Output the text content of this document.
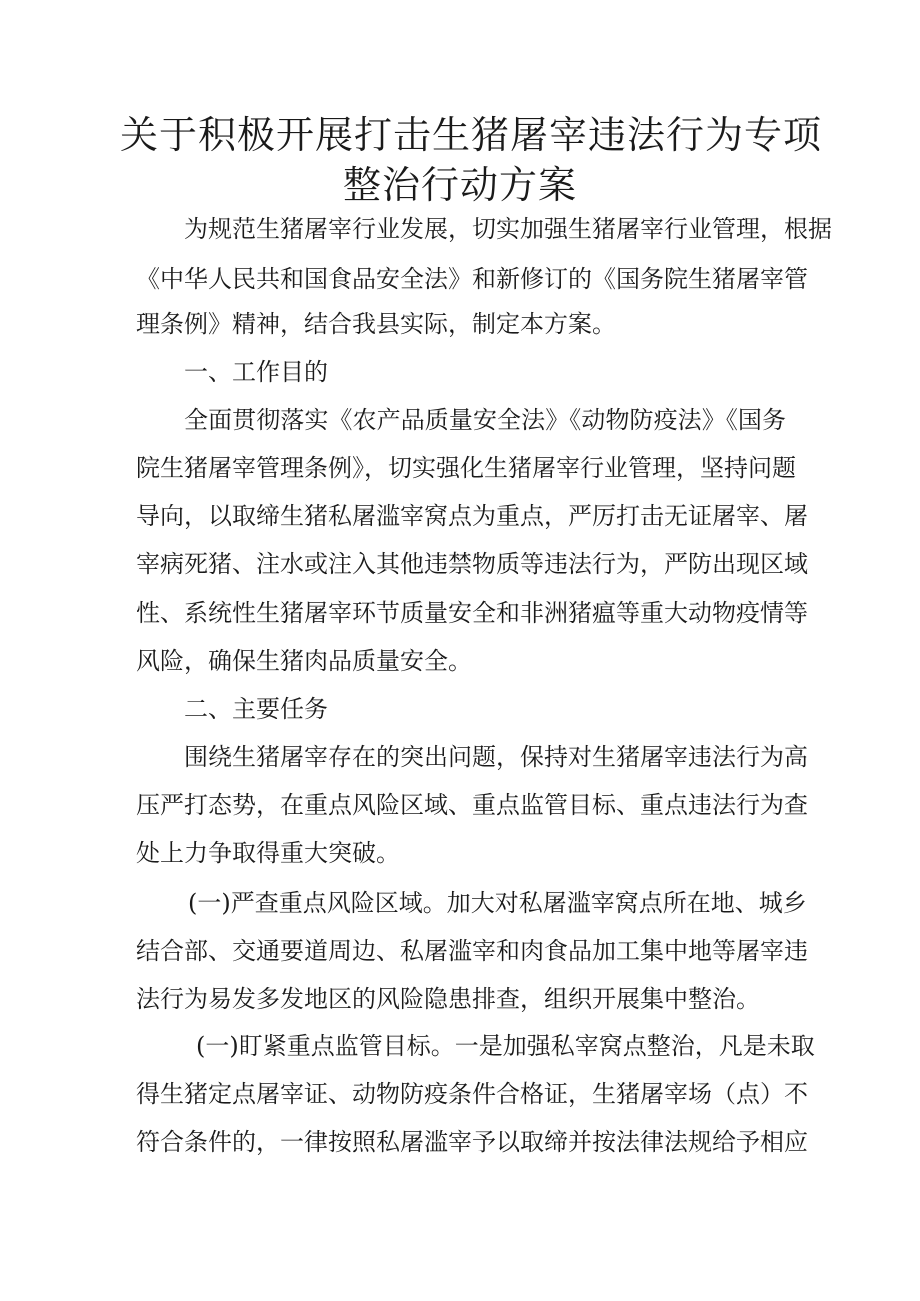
关于积极开展打击生猪屠宰违法行为专项
整治行动方案
为规范生猪屠宰行业发展，切实加强生猪屠宰行业管理，根据
《中华人民共和国食品安全法》和新修订的《国务院生猪屠宰管
理条例》精神，结合我县实际，制定本方案。
一、工作目的
全面贯彻落实《农产品质量安全法》《动物防疫法》《国务
院生猪屠宰管理条例》，切实强化生猪屠宰行业管理，坚持问题
导向，以取缔生猪私屠滥宰窝点为重点，严厉打击无证屠宰、屠
宰病死猪、注水或注入其他违禁物质等违法行为，严防出现区域
性、系统性生猪屠宰环节质量安全和非洲猪瘟等重大动物疫情等
风险，确保生猪肉品质量安全。
二、主要任务
围绕生猪屠宰存在的突出问题，保持对生猪屠宰违法行为高
压严打态势，在重点风险区域、重点监管目标、重点违法行为查
处上力争取得重大突破。
(一)严查重点风险区域。加大对私屠滥宰窝点所在地、城乡
结合部、交通要道周边、私屠滥宰和肉食品加工集中地等屠宰违
法行为易发多发地区的风险隐患排查，组织开展集中整治。
(一)盯紧重点监管目标。一是加强私宰窝点整治，凡是未取
得生猪定点屠宰证、动物防疫条件合格证，生猪屠宰场（点）不
符合条件的，一律按照私屠滥宰予以取缔并按法律法规给予相应
